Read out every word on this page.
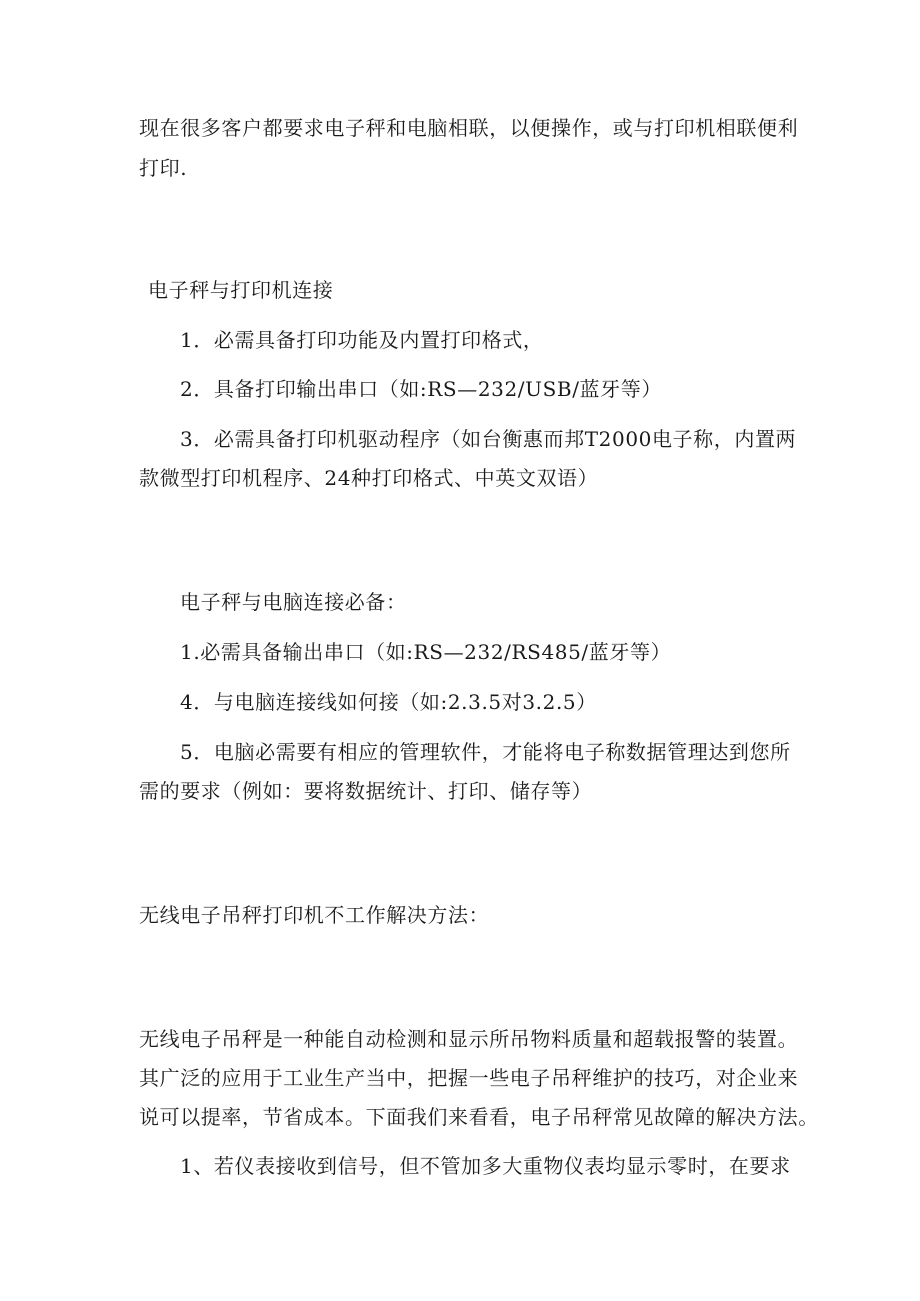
现在很多客户都要求电子秤和电脑相联，以便操作，或与打印机相联便利
打印.
电子秤与打印机连接
1．必需具备打印功能及内置打印格式，
2．具备打印输出串口（如:RS—232/USB/蓝牙等）
3．必需具备打印机驱动程序（如台衡惠而邦T2000电子称，内置两
款微型打印机程序、24种打印格式、中英文双语）
电子秤与电脑连接必备：
1.必需具备输出串口（如:RS—232/RS485/蓝牙等）
4．与电脑连接线如何接（如:2.3.5对3.2.5）
5．电脑必需要有相应的管理软件，才能将电子称数据管理达到您所
需的要求（例如：要将数据统计、打印、储存等）
无线电子吊秤打印机不工作解决方法：
无线电子吊秤是一种能自动检测和显示所吊物料质量和超载报警的装置。
其广泛的应用于工业生产当中，把握一些电子吊秤维护的技巧，对企业来
说可以提率，节省成本。下面我们来看看，电子吊秤常见故障的解决方法。
1、若仪表接收到信号，但不管加多大重物仪表均显示零时，在要求
